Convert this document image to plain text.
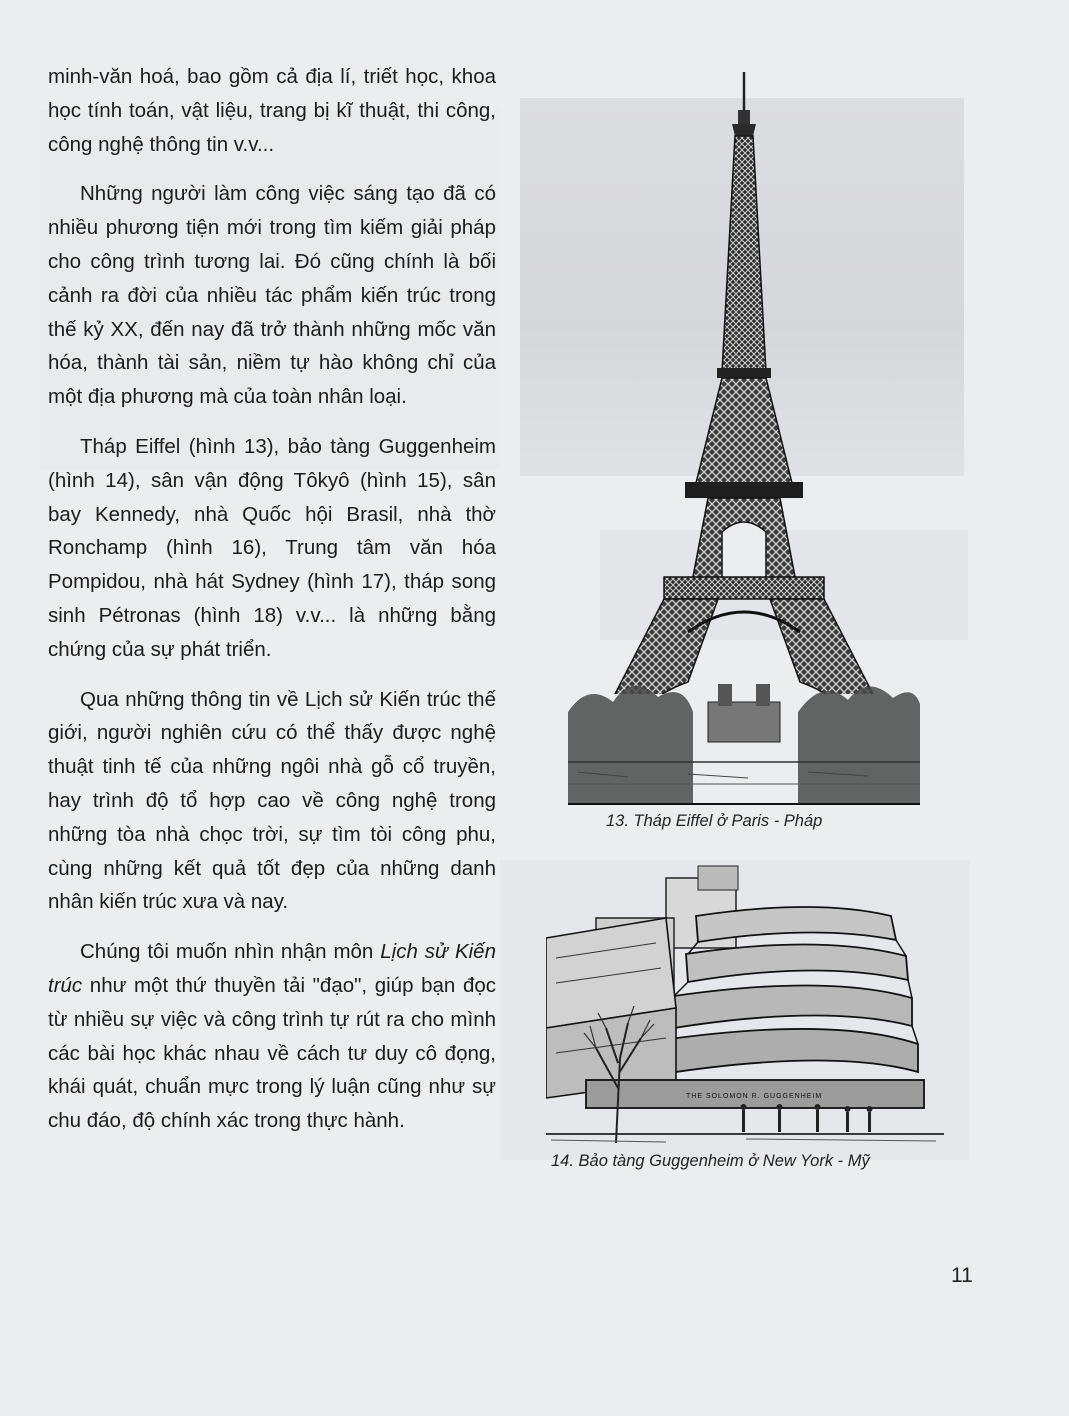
minh-văn hoá, bao gồm cả địa lí, triết học, khoa học tính toán, vật liệu, trang bị kĩ thuật, thi công, công nghệ thông tin v.v...

Những người làm công việc sáng tạo đã có nhiều phương tiện mới trong tìm kiếm giải pháp cho công trình tương lai. Đó cũng chính là bối cảnh ra đời của nhiều tác phẩm kiến trúc trong thế kỷ XX, đến nay đã trở thành những mốc văn hóa, thành tài sản, niềm tự hào không chỉ của một địa phương mà của toàn nhân loại.

Tháp Eiffel (hình 13), bảo tàng Guggenheim (hình 14), sân vận động Tôkyô (hình 15), sân bay Kennedy, nhà Quốc hội Brasil, nhà thờ Ronchamp (hình 16), Trung tâm văn hóa Pompidou, nhà hát Sydney (hình 17), tháp song sinh Pétronas (hình 18) v.v... là những bằng chứng của sự phát triển.

Qua những thông tin về Lịch sử Kiến trúc thế giới, người nghiên cứu có thể thấy được nghệ thuật tinh tế của những ngôi nhà gỗ cổ truyền, hay trình độ tổ hợp cao về công nghệ trong những tòa nhà chọc trời, sự tìm tòi công phu, cùng những kết quả tốt đẹp của những danh nhân kiến trúc xưa và nay.

Chúng tôi muốn nhìn nhận môn Lịch sử Kiến trúc như một thứ thuyền tải "đạo", giúp bạn đọc từ nhiều sự việc và công trình tự rút ra cho mình các bài học khác nhau về cách tư duy cô đọng, khái quát, chuẩn mực trong lý luận cũng như sự chu đáo, độ chính xác trong thực hành.

13. Tháp Eiffel ở Paris - Pháp
THE SOLOMON R. GUGGENHEIM
14. Bảo tàng Guggenheim ở New York - Mỹ
11
